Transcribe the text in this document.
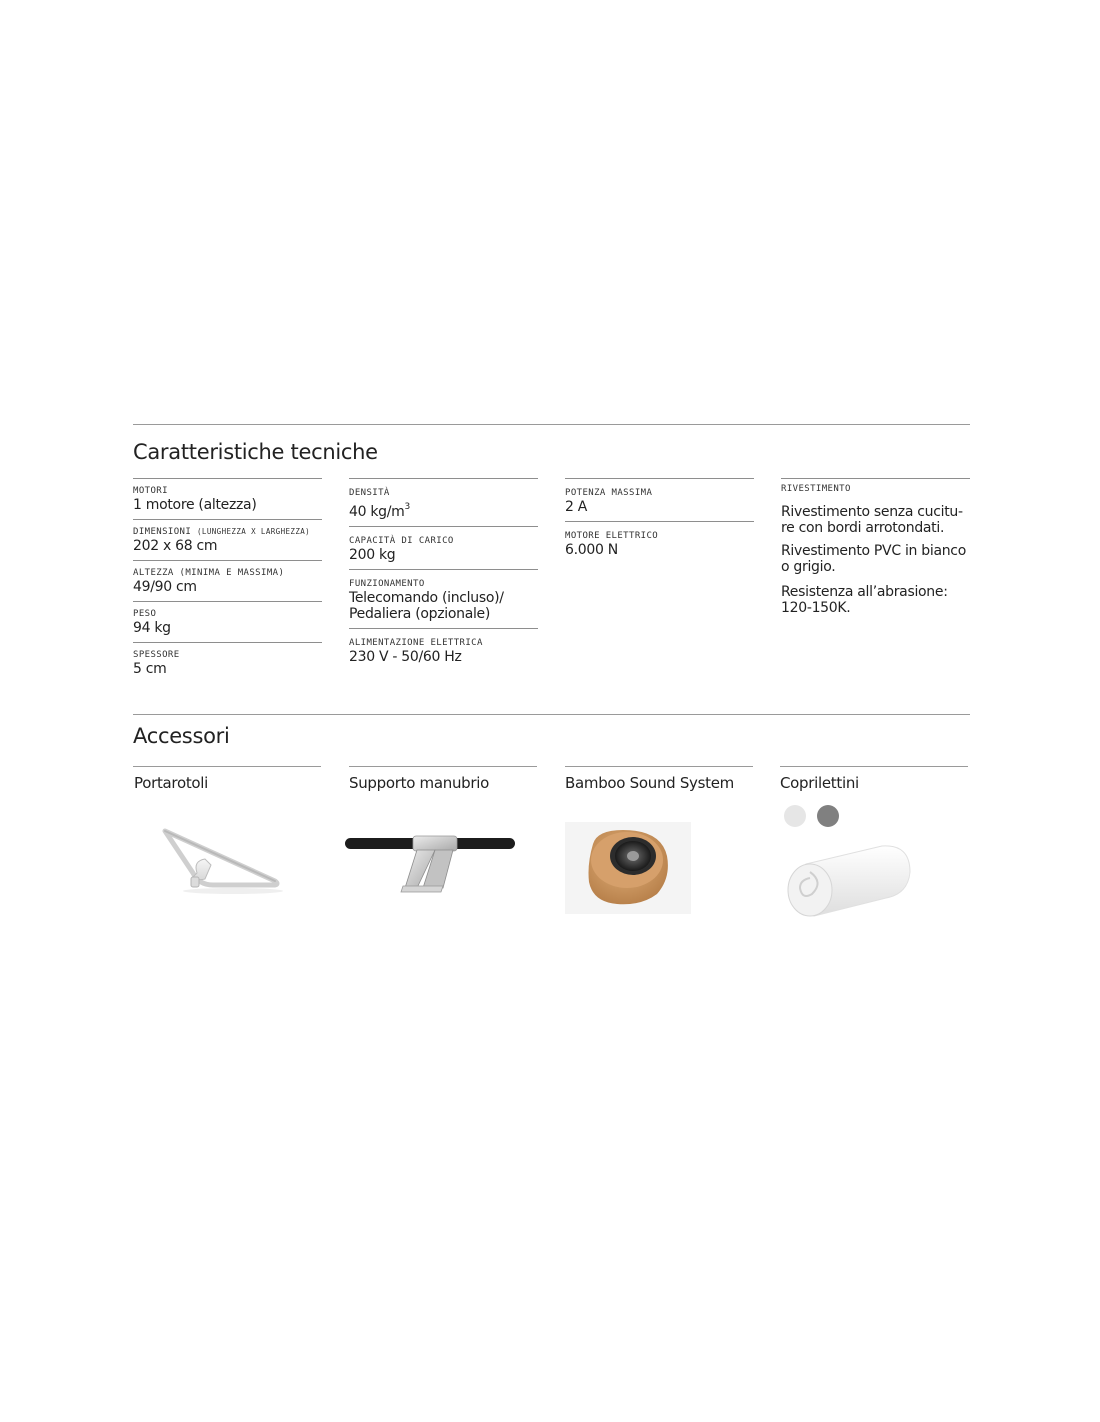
Caratteristiche tecniche
MOTORI
1 motore (altezza)
DIMENSIONI (LUNGHEZZA X LARGHEZZA)
202 x 68 cm
ALTEZZA (MINIMA E MASSIMA)
49/90 cm
PESO
94 kg
SPESSORE
5 cm
DENSITÀ
40 $kg/m^3$
CAPACITÀ DI CARICO
200 kg
FUNZIONAMENTO
Telecomando (incluso)/
Pedaliera (opzionale)
ALIMENTAZIONE ELETTRICA
230 V - 50/60 Hz
POTENZA MASSIMA
2 A
MOTORE ELETTRICO
6.000 N
RIVESTIMENTO
Rivestimento senza cucitu-
re con bordi arrotondati.
Rivestimento PVC in bianco
o grigio.
Resistenza all’abrasione:
120-150K.
Accessori
Portarotoli	Supporto manubrio	Bamboo Sound System	Coprilettini
